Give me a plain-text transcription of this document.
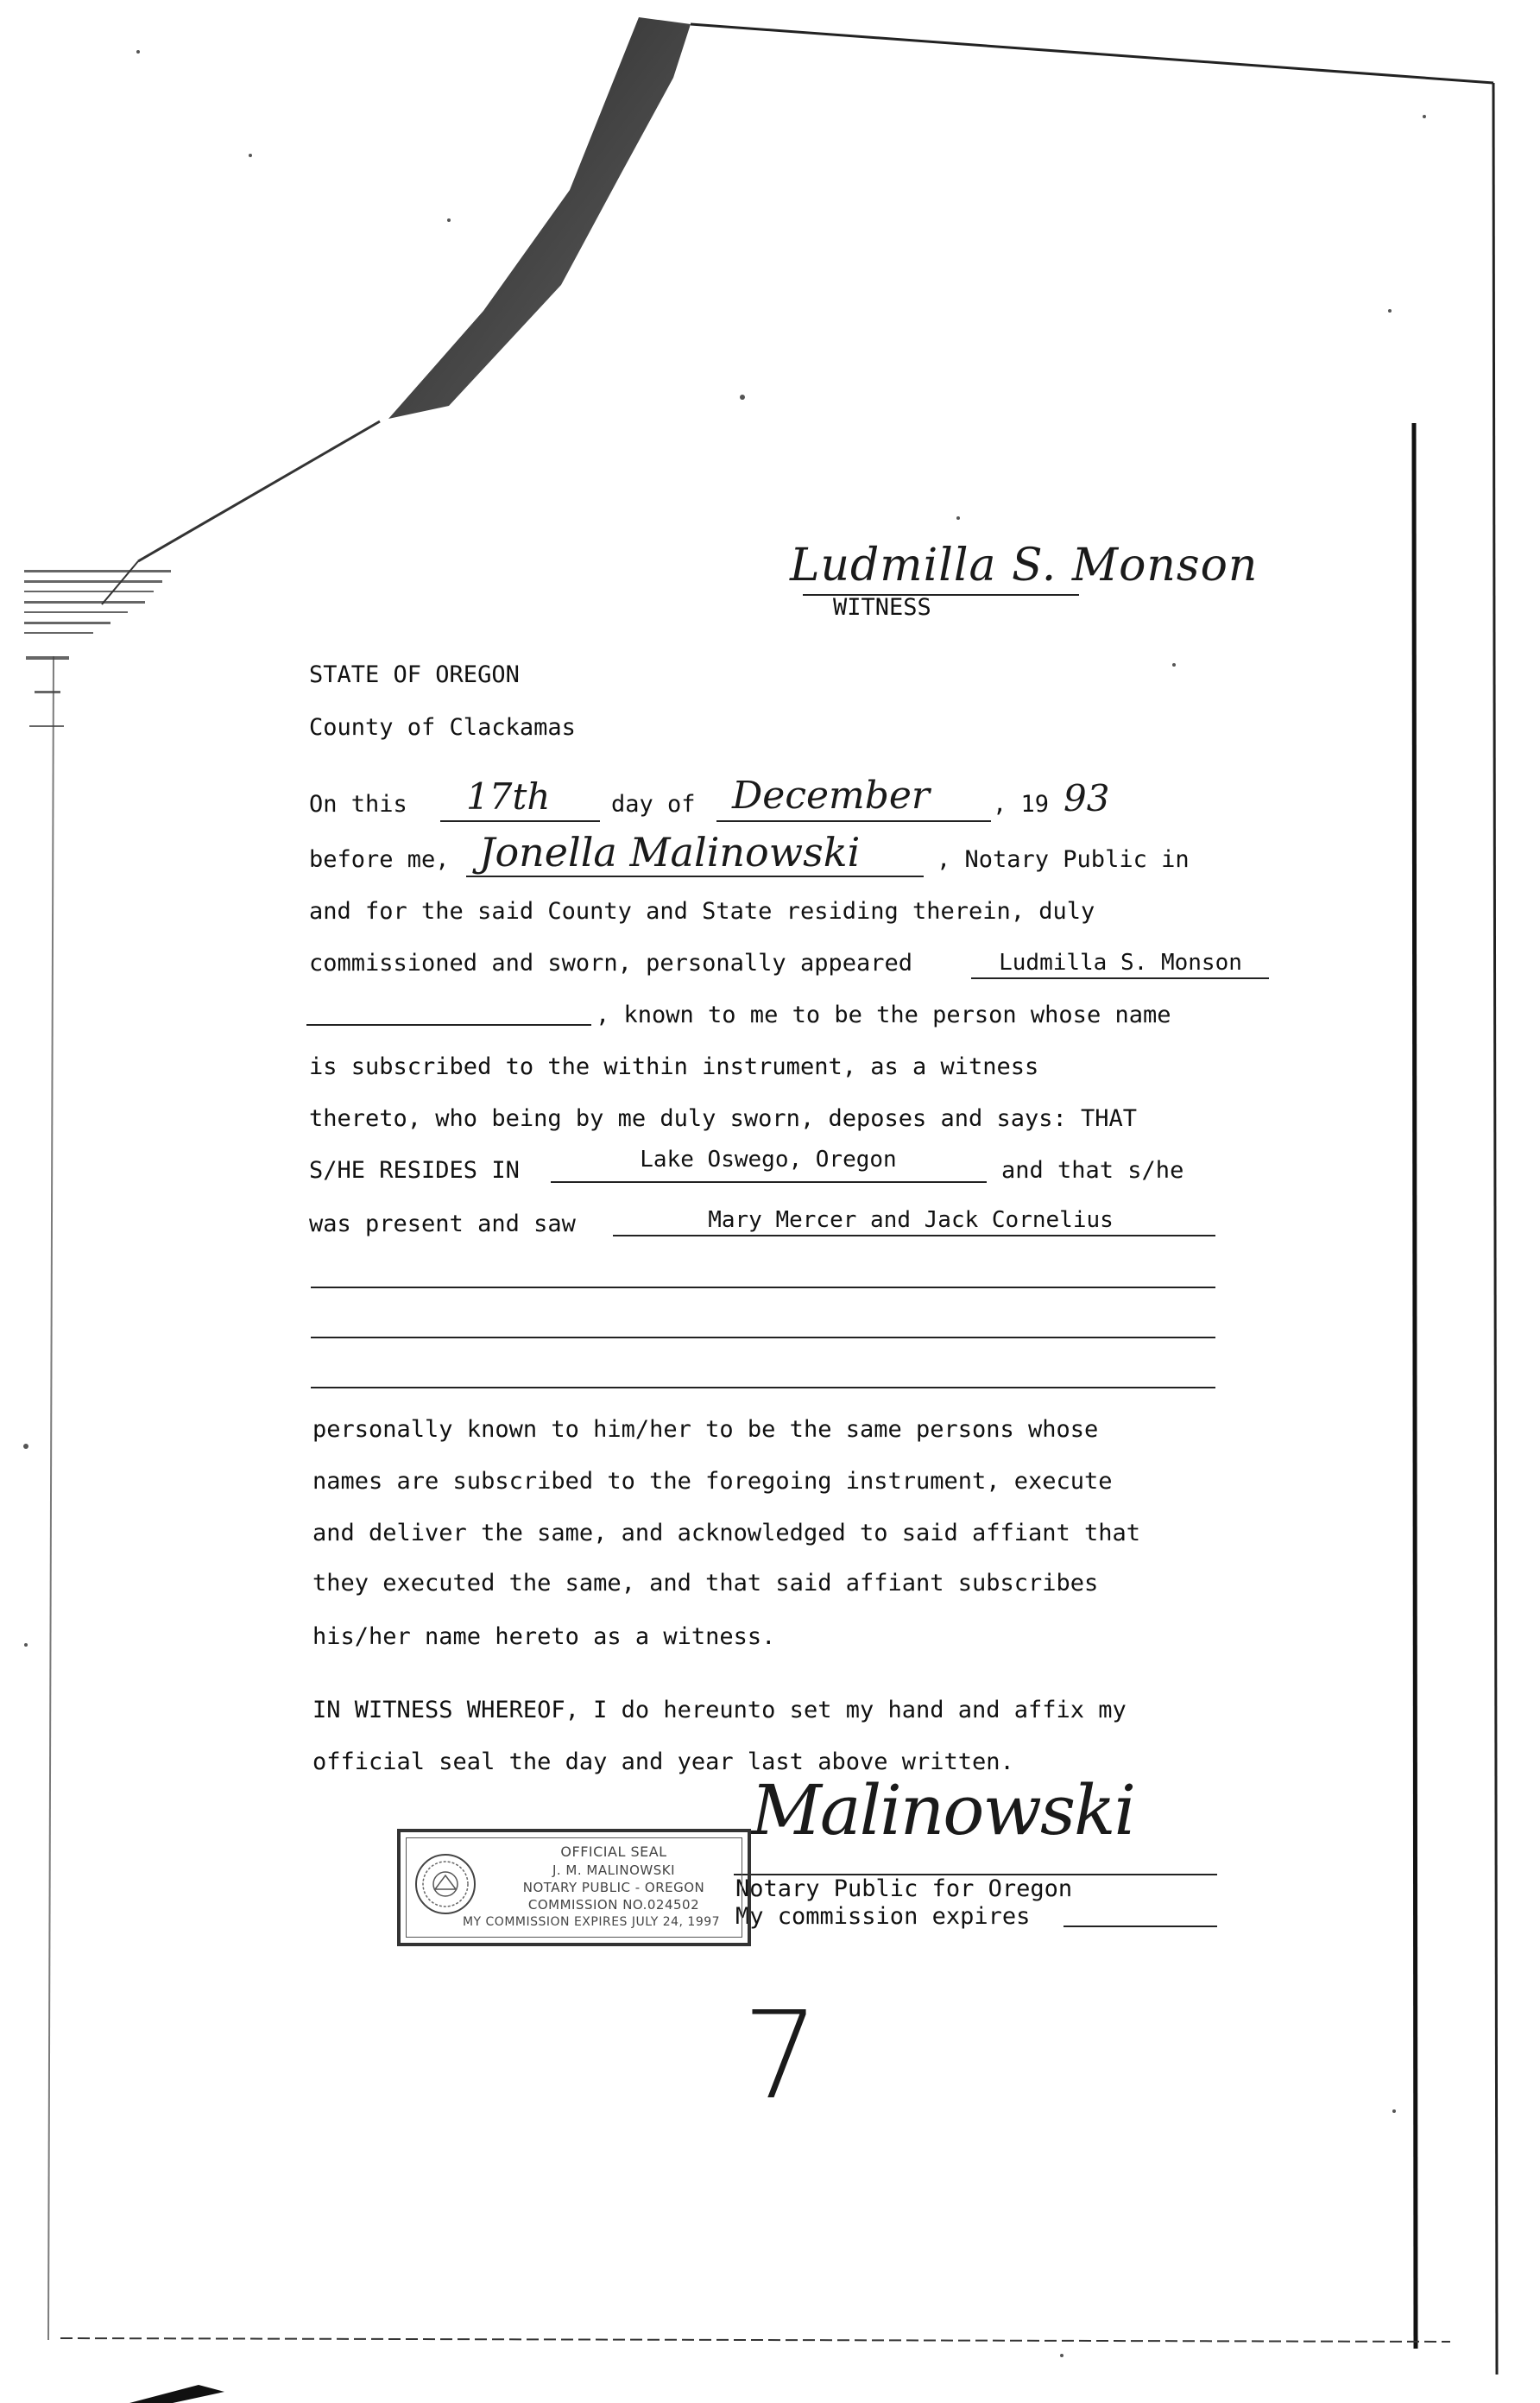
Ludmilla S. Monson
WITNESS
STATE OF OREGON
County of Clackamas
On this 17th	day of December	, 19 93
before me, Jonella Malinowski	, Notary Public in
and for the said County and State residing therein, duly
commissioned and sworn, personally appeared	Ludmilla S. Monson
, known to me to be the person whose name
is subscribed to the within instrument, as a witness
thereto, who being by me duly sworn, deposes and says: THAT
S/HE RESIDES IN	Lake Oswego, Oregon	and that s/he
was present and saw	Mary Mercer and Jack Cornelius
personally known to him/her to be the same persons whose
names are subscribed to the foregoing instrument, execute
and deliver the same, and acknowledged to said affiant that
they executed the same, and that said affiant subscribes
his/her name hereto as a witness.
IN WITNESS WHEREOF, I do hereunto set my hand and affix my
official seal the day and year last above written.
Malinowski
Notary Public for Oregon
My commission expires
OFFICIAL SEAL
J. M. MALINOWSKI
NOTARY PUBLIC - OREGON
COMMISSION NO.024502
MY COMMISSION EXPIRES JULY 24, 1997
7
